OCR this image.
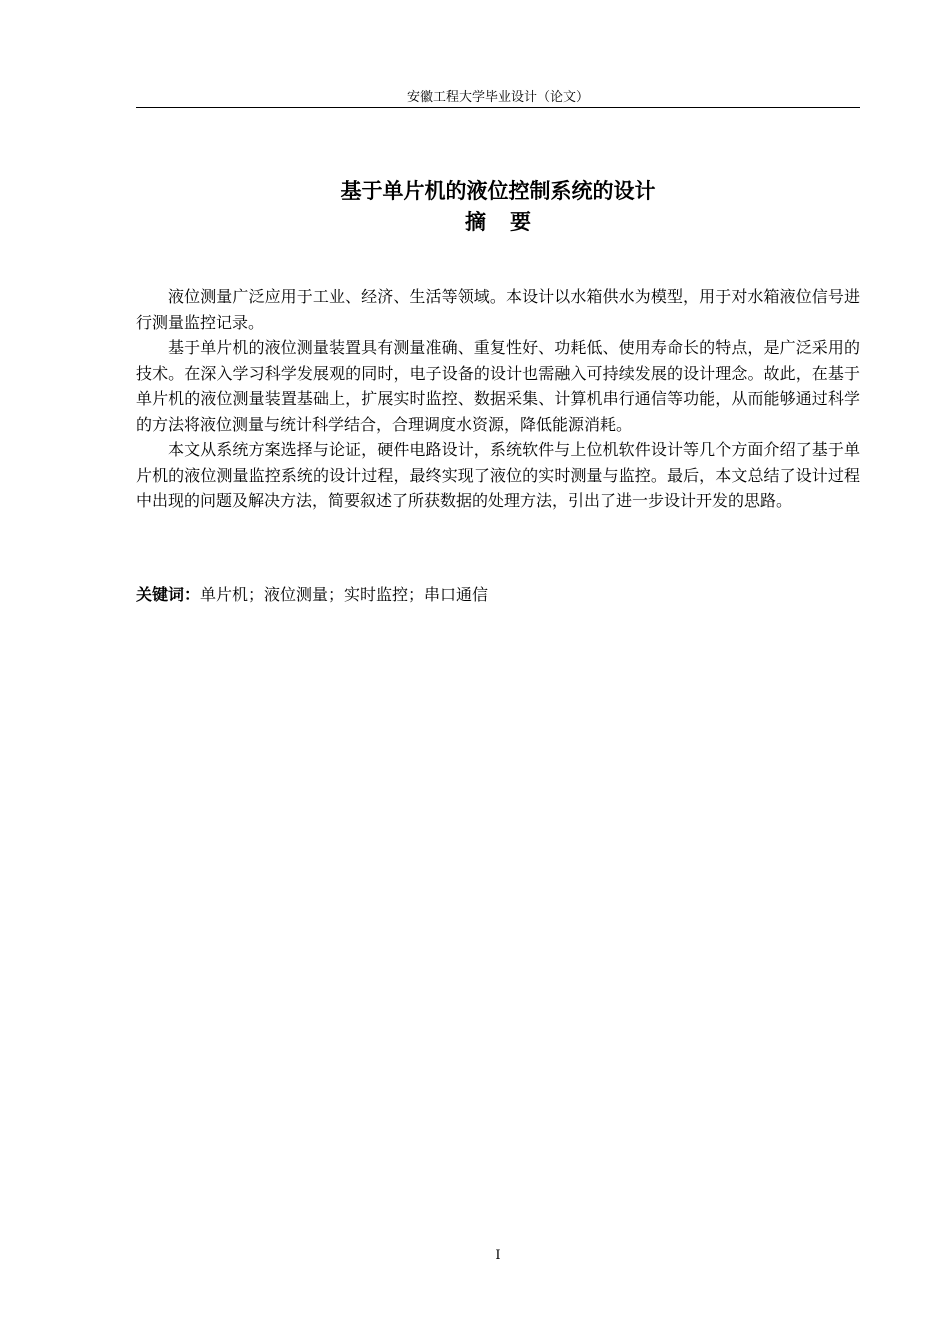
安徽工程大学毕业设计（论文）
基于单片机的液位控制系统的设计
摘要

液位测量广泛应用于工业、经济、生活等领域。本设计以水箱供水为模型，用于对水箱液位信号进行测量监控记录。

基于单片机的液位测量装置具有测量准确、重复性好、功耗低、使用寿命长的特点，是广泛采用的技术。在深入学习科学发展观的同时，电子设备的设计也需融入可持续发展的设计理念。故此，在基于单片机的液位测量装置基础上，扩展实时监控、数据采集、计算机串行通信等功能，从而能够通过科学的方法将液位测量与统计科学结合，合理调度水资源，降低能源消耗。

本文从系统方案选择与论证，硬件电路设计，系统软件与上位机软件设计等几个方面介绍了基于单片机的液位测量监控系统的设计过程，最终实现了液位的实时测量与监控。最后，本文总结了设计过程中出现的问题及解决方法，简要叙述了所获数据的处理方法，引出了进一步设计开发的思路。

关键词：单片机；液位测量；实时监控；串口通信
I
